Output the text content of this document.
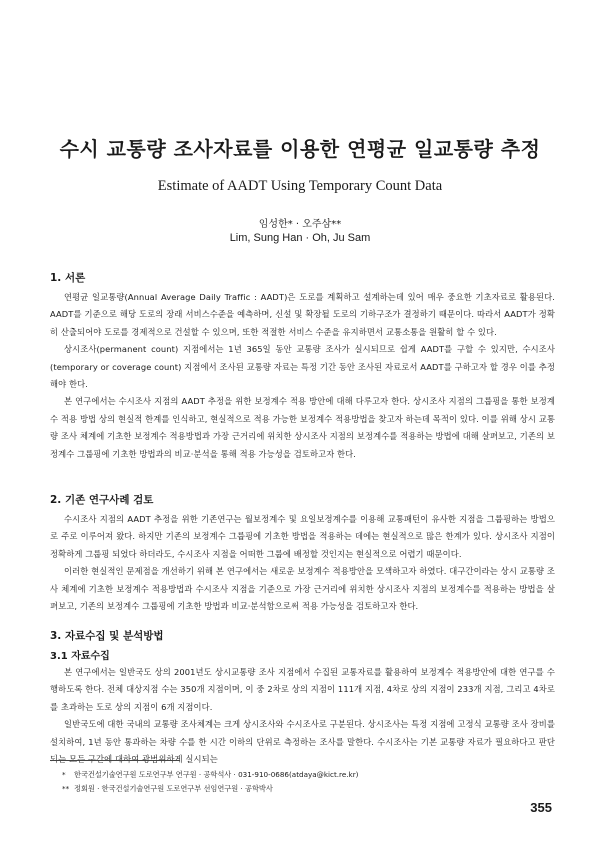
수시 교통량 조사자료를 이용한 연평균 일교통량 추정
Estimate of AADT Using Temporary Count Data
임성한* · 오주삼**
Lim, Sung Han · Oh, Ju Sam
1. 서론

연평균 일교통량(Annual Average Daily Traffic : AADT)은 도로를 계획하고 설계하는데 있어 매우 중요한 기초자료로 활용된다. AADT를 기준으로 해당 도로의 장래 서비스수준을 예측하며, 신설 및 확장될 도로의 기하구조가 결정하기 때문이다. 따라서 AADT가 정확히 산출되어야 도로를 경제적으로 건설할 수 있으며, 또한 적절한 서비스 수준을 유지하면서 교통소통을 원활히 할 수 있다.

상시조사(permanent count) 지점에서는 1년 365일 동안 교통량 조사가 실시되므로 쉽게 AADT를 구할 수 있지만, 수시조사(temporary or coverage count) 지점에서 조사된 교통량 자료는 특정 기간 동안 조사된 자료로서 AADT를 구하고자 할 경우 이를 추정해야 한다.

본 연구에서는 수시조사 지점의 AADT 추정을 위한 보정계수 적용 방안에 대해 다루고자 한다. 상시조사 지점의 그룹핑을 통한 보정계수 적용 방법 상의 현실적 한계를 인식하고, 현실적으로 적용 가능한 보정계수 적용방법을 찾고자 하는데 목적이 있다. 이를 위해 상시 교통량 조사 체계에 기초한 보정계수 적용방법과 가장 근거리에 위치한 상시조사 지점의 보정계수를 적용하는 방법에 대해 살펴보고, 기존의 보정계수 그룹핑에 기초한 방법과의 비교·분석을 통해 적용 가능성을 검토하고자 한다.

2. 기존 연구사례 검토

수시조사 지점의 AADT 추정을 위한 기존연구는 월보정계수 및 요일보정계수를 이용해 교통패턴이 유사한 지점을 그룹핑하는 방법으로 주로 이루어져 왔다. 하지만 기존의 보정계수 그룹핑에 기초한 방법을 적용하는 데에는 현실적으로 많은 한계가 있다. 상시조사 지점이 정확하게 그룹핑 되었다 하더라도, 수시조사 지점을 어떠한 그룹에 배정할 것인지는 현실적으로 어렵기 때문이다.

이러한 현실적인 문제점을 개선하기 위해 본 연구에서는 새로운 보정계수 적용방안을 모색하고자 하였다. 대구간이라는 상시 교통량 조사 체계에 기초한 보정계수 적용방법과 수시조사 지점을 기준으로 가장 근거리에 위치한 상시조사 지점의 보정계수를 적용하는 방법을 살펴보고, 기존의 보정계수 그룹핑에 기초한 방법과 비교·분석함으로써 적용 가능성을 검토하고자 한다.

3. 자료수집 및 분석방법
3.1 자료수집

본 연구에서는 일반국도 상의 2001년도 상시교통량 조사 지점에서 수집된 교통자료를 활용하여 보정계수 적용방안에 대한 연구를 수행하도록 한다. 전체 대상지점 수는 350개 지점이며, 이 중 2차로 상의 지점이 111개 지점, 4차로 상의 지점이 233개 지점, 그리고 4차로를 초과하는 도로 상의 지점이 6개 지점이다.

일반국도에 대한 국내의 교통량 조사체계는 크게 상시조사와 수시조사로 구분된다. 상시조사는 특정 지점에 고정식 교통량 조사 장비를 설치하여, 1년 동안 통과하는 차량 수를 한 시간 이하의 단위로 측정하는 조사를 말한다. 수시조사는 기본 교통량 자료가 필요하다고 판단되는 모든 구간에 대하여 광범위하게 실시되는

* 한국건설기술연구원 도로연구부 연구원 · 공학석사 · 031-910-0686(atdaya@kict.re.kr)
** 정회원 · 한국건설기술연구원 도로연구부 선임연구원 · 공학박사
355
